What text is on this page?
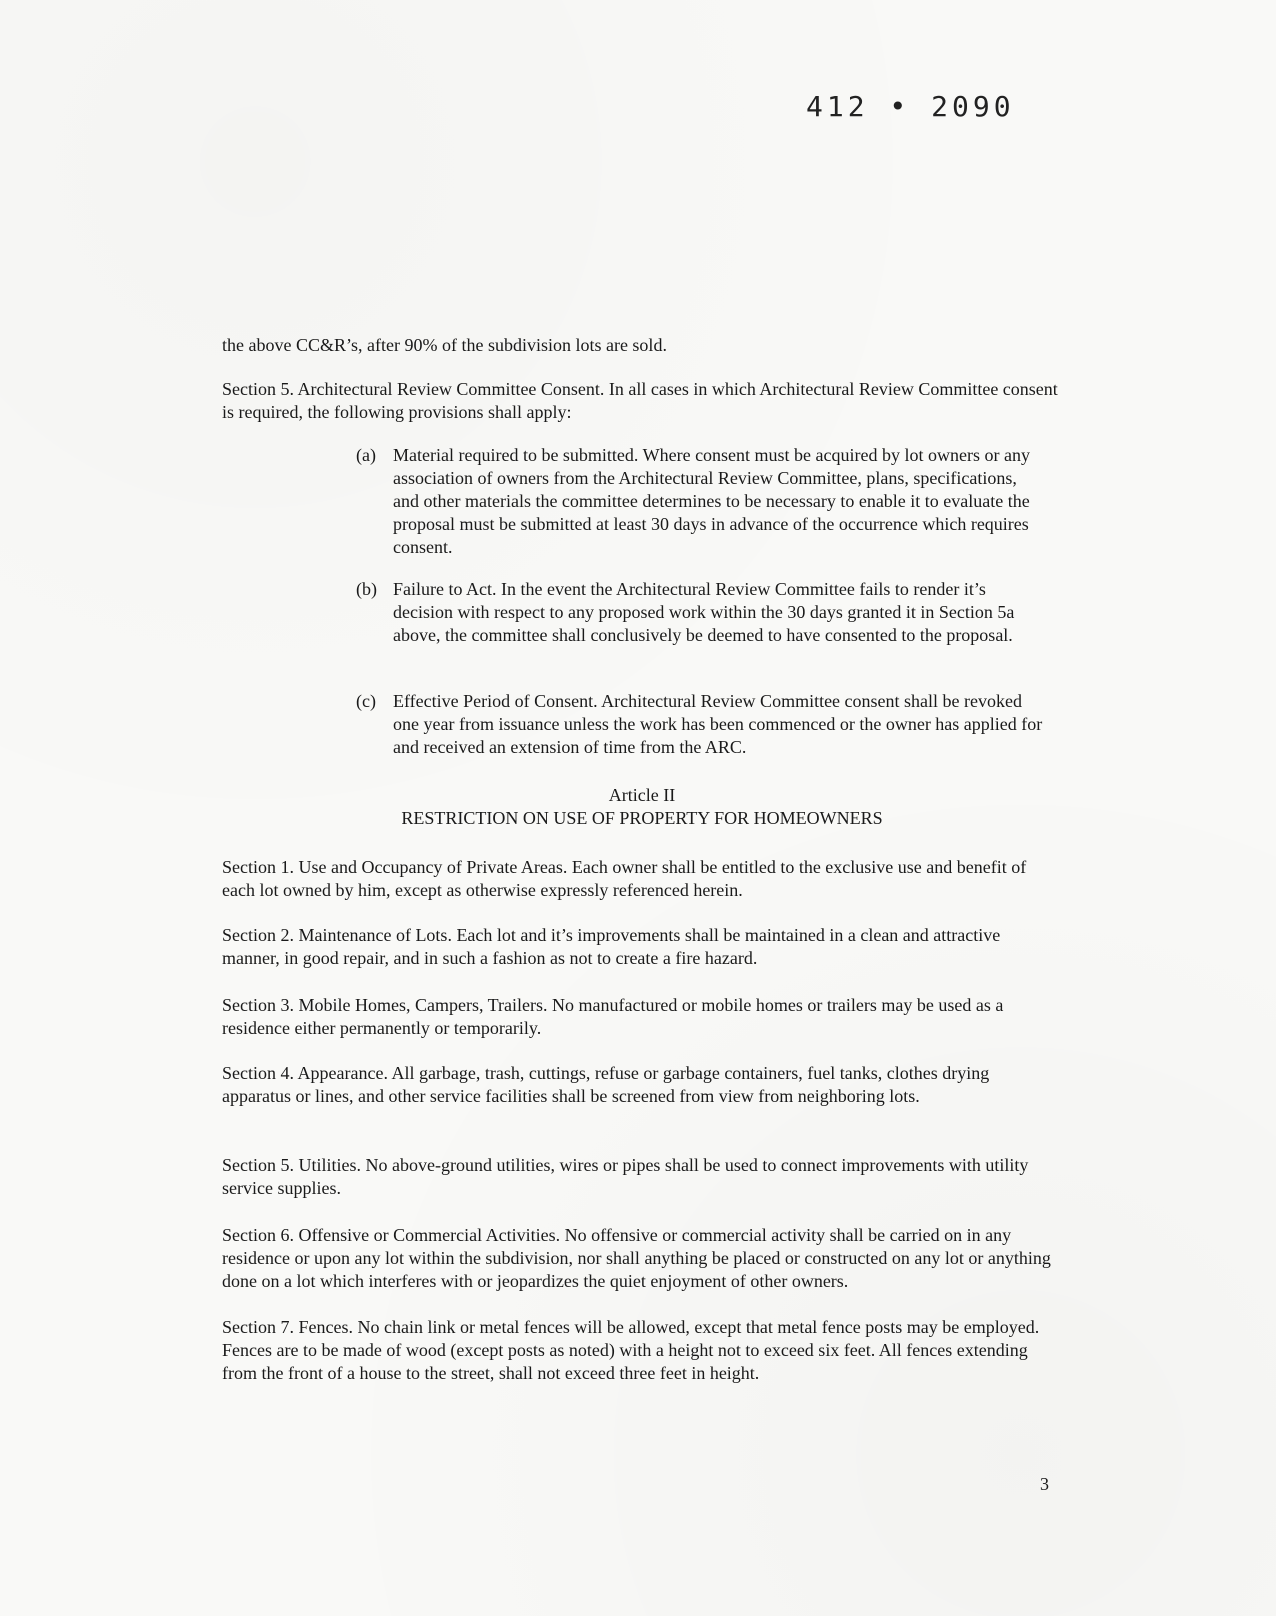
412 • 2090

the above CC&R’s, after 90% of the subdivision lots are sold.

Section 5. Architectural Review Committee Consent. In all cases in which Architectural Review Committee consent is required, the following provisions shall apply:

(a) Material required to be submitted. Where consent must be acquired by lot owners or any association of owners from the Architectural Review Committee, plans, specifications, and other materials the committee determines to be necessary to enable it to evaluate the proposal must be submitted at least 30 days in advance of the occurrence which requires consent.
(b) Failure to Act. In the event the Architectural Review Committee fails to render it’s decision with respect to any proposed work within the 30 days granted it in Section 5a above, the committee shall conclusively be deemed to have consented to the proposal.
(c) Effective Period of Consent. Architectural Review Committee consent shall be revoked one year from issuance unless the work has been commenced or the owner has applied for and received an extension of time from the ARC.
Article II
RESTRICTION ON USE OF PROPERTY FOR HOMEOWNERS

Section 1. Use and Occupancy of Private Areas. Each owner shall be entitled to the exclusive use and benefit of each lot owned by him, except as otherwise expressly referenced herein.

Section 2. Maintenance of Lots. Each lot and it’s improvements shall be maintained in a clean and attractive manner, in good repair, and in such a fashion as not to create a fire hazard.

Section 3. Mobile Homes, Campers, Trailers. No manufactured or mobile homes or trailers may be used as a residence either permanently or temporarily.

Section 4. Appearance. All garbage, trash, cuttings, refuse or garbage containers, fuel tanks, clothes drying apparatus or lines, and other service facilities shall be screened from view from neighboring lots.

Section 5. Utilities. No above-ground utilities, wires or pipes shall be used to connect improvements with utility service supplies.

Section 6. Offensive or Commercial Activities. No offensive or commercial activity shall be carried on in any residence or upon any lot within the subdivision, nor shall anything be placed or constructed on any lot or anything done on a lot which interferes with or jeopardizes the quiet enjoyment of other owners.

Section 7. Fences. No chain link or metal fences will be allowed, except that metal fence posts may be employed. Fences are to be made of wood (except posts as noted) with a height not to exceed six feet. All fences extending from the front of a house to the street, shall not exceed three feet in height.

3
